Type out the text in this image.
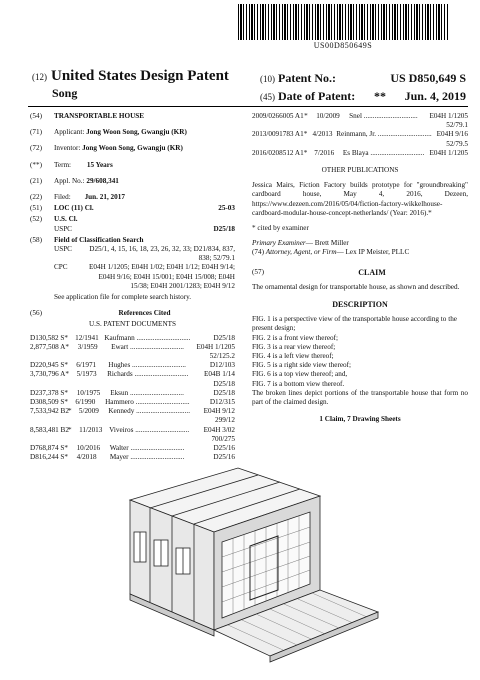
US00D850649S
(12) United States Design Patent
Song
(10) Patent No.:	US D850,649 S
(45) Date of Patent: ** Jun. 4, 2019
(54)	TRANSPORTABLE HOUSE
(71)	Applicant: Jong Woon Song, Gwangju (KR)
(72)	Inventor: Jong Woon Song, Gwangju (KR)
(**)	Term: 15 Years
(21)	Appl. No.: 29/608,341
(22)	Filed: Jun. 21, 2017
(51)	LOC (11) Cl.	25-03
(52)	U.S. Cl.
USPC	D25/18
(58)	Field of Classification Search
USPC	D25/1, 4, 15, 16, 18, 23, 26, 32, 33; D21/834, 837, 838; 52/79.1
CPC	E04H 1/1205; E04H 1/02; E04H 1/12; E04H 9/14; E04H 9/16; E04H 15/001; E04H 15/008; E04H 15/38; E04H 2001/1283; E04H 9/12
See application file for complete search history.
(56)	References Cited
U.S. PATENT DOCUMENTS
D130,582 S * 12/1941 Kaufmann ..............................	D25/18
2,877,508 A *	3/1959	Ewart ..............................	E04H 1/1205
52/125.2
D220,945 S *	6/1971	Hughes ..............................	D12/103
3,730,796 A *	5/1973	Richards ..............................	E04B 1/14
D25/18
D237,378 S *	10/1975	Eksun ..............................	D25/18
D308,509 S *	6/1990	Hammero ..............................	D12/315
7,533,942 B2 *	5/2009	Kennedy ..............................	E04H 9/12
299/12
8,583,481 B2 *	11/2013 Viveiros ..............................	E04H 3/02
700/275
D768,874 S *	10/2016	Walter ..............................	D25/16
D816,244 S *	4/2018	Mayer ..............................	D25/16
2009/0266005 A1 *	10/2009	Snel ..............................	E04H 1/1205
52/79.1
2013/0091783 A1 * 4/2013 Reinmann, Jr. .............................. E04H 9/16
52/79.5
2016/0208512 A1 * 7/2016	Es Blaya .............................. E04H 1/1205
OTHER PUBLICATIONS
Jessica Mairs, Fiction Factory builds prototype for "groundbreaking" cardboard house, May 4, 2016, Dezeen, https://www.dezeen.com/2016/05/04/fiction-factory-wikkelhouse-cardboard-modular-house-concept-netherlands/ (Year: 2016).*
* cited by examiner
Primary Examiner— Brett Miller
(74) Attorney, Agent, or Firm— Lex IP Meister, PLLC
(57)	CLAIM
The ornamental design for transportable house, as shown and described.
DESCRIPTION
FIG. 1 is a perspective view of the transportable house according to the present design;
FIG. 2 is a front view thereof;
FIG. 3 is a rear view thereof;
FIG. 4 is a left view thereof;
FIG. 5 is a right side view thereof;
FIG. 6 is a top view thereof; and,
FIG. 7 is a bottom view thereof.
The broken lines depict portions of the transportable house that form no part of the claimed design.
1 Claim, 7 Drawing Sheets
